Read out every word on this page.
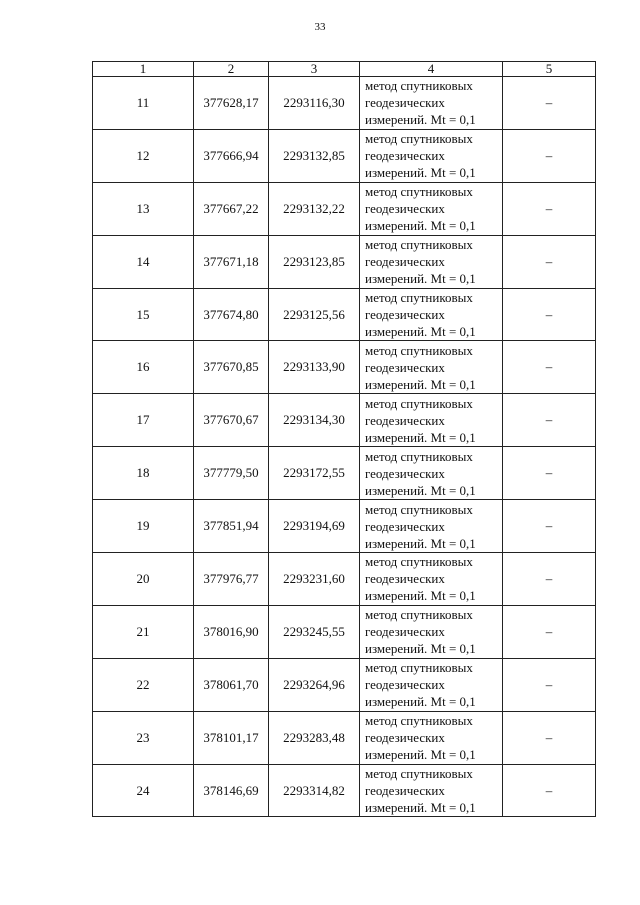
33
1	2	3	4	5
11	377628,17	2293116,30	метод спутниковых
геодезических
измерений. Mt = 0,1	–
12	377666,94	2293132,85	метод спутниковых
геодезических
измерений. Mt = 0,1	–
13	377667,22	2293132,22	метод спутниковых
геодезических
измерений. Mt = 0,1	–
14	377671,18	2293123,85	метод спутниковых
геодезических
измерений. Mt = 0,1	–
15	377674,80	2293125,56	метод спутниковых
геодезических
измерений. Mt = 0,1	–
16	377670,85	2293133,90	метод спутниковых
геодезических
измерений. Mt = 0,1	–
17	377670,67	2293134,30	метод спутниковых
геодезических
измерений. Mt = 0,1	–
18	377779,50	2293172,55	метод спутниковых
геодезических
измерений. Mt = 0,1	–
19	377851,94	2293194,69	метод спутниковых
геодезических
измерений. Mt = 0,1	–
20	377976,77	2293231,60	метод спутниковых
геодезических
измерений. Mt = 0,1	–
21	378016,90	2293245,55	метод спутниковых
геодезических
измерений. Mt = 0,1	–
22	378061,70	2293264,96	метод спутниковых
геодезических
измерений. Mt = 0,1	–
23	378101,17	2293283,48	метод спутниковых
геодезических
измерений. Mt = 0,1	–
24	378146,69	2293314,82	метод спутниковых
геодезических
измерений. Mt = 0,1	–
